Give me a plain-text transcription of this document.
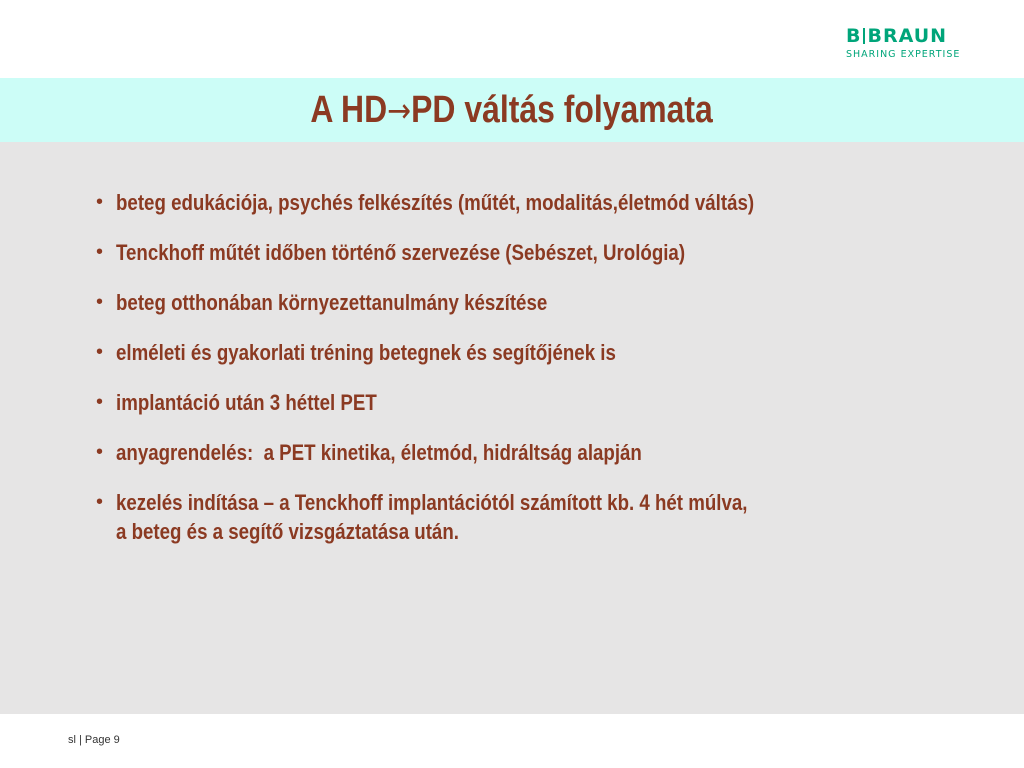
B BRAUN
SHARING EXPERTISE
A HD→PD váltás folyamata
• beteg edukációja, psychés felkészítés (műtét, modalitás,életmód váltás)
• Tenckhoff műtét időben történő szervezése (Sebészet, Urológia)
• beteg otthonában környezettanulmány készítése
• elméleti és gyakorlati tréning betegnek és segítőjének is
• implantáció után 3 héttel PET
• anyagrendelés:  a PET kinetika, életmód, hidráltság alapján
• kezelés indítása – a Tenckhoff implantációtól számított kb. 4 hét múlva,
a beteg és a segítő vizsgáztatása után.
sl | Page 9
